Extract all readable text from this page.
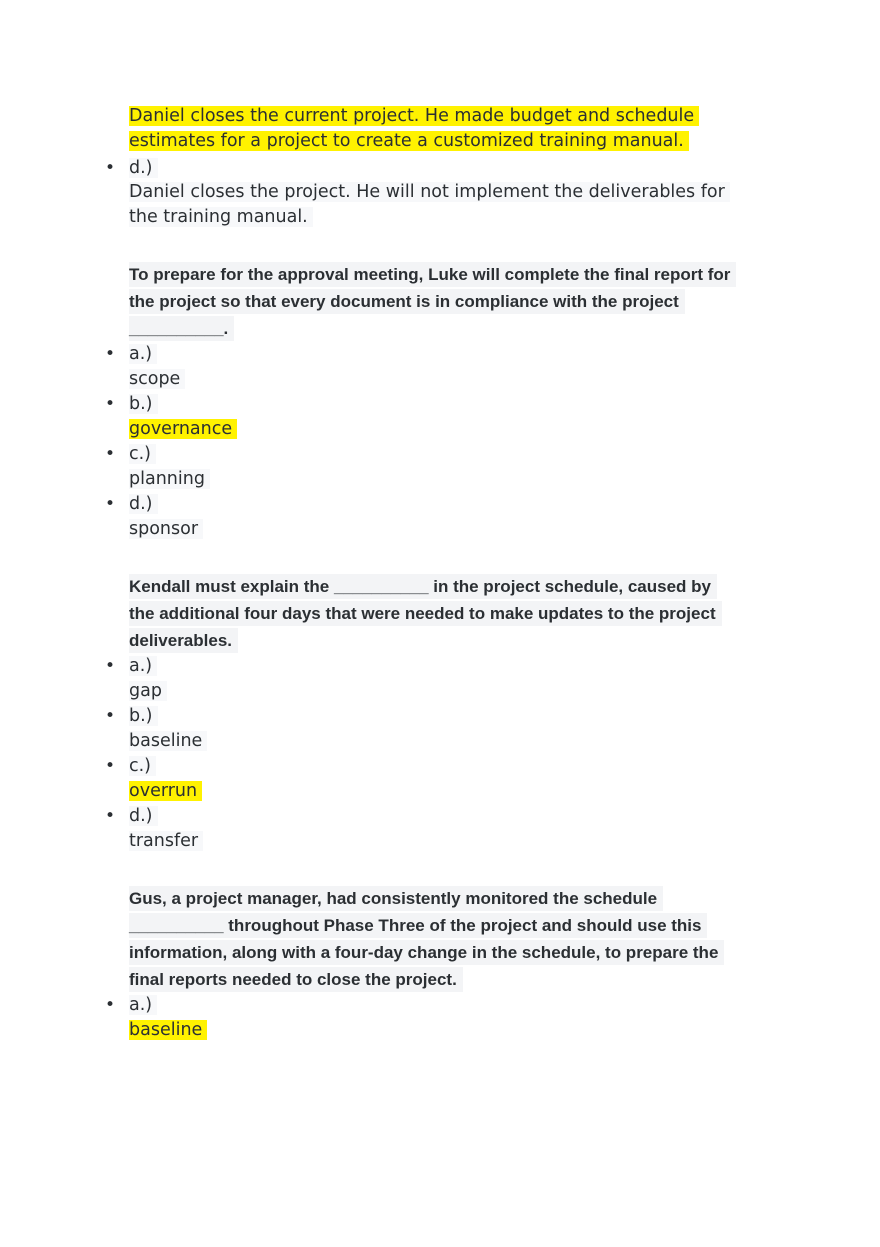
Daniel closes the current project. He made budget and schedule estimates for a project to create a customized training manual.
• d.)
Daniel closes the project. He will not implement the deliverables for the training manual.
To prepare for the approval meeting, Luke will complete the final report for the project so that every document is in compliance with the project __________.
• a.)
scope
• b.)
governance
• c.)
planning
• d.)
sponsor
Kendall must explain the __________ in the project schedule, caused by the additional four days that were needed to make updates to the project deliverables.
• a.)
gap
• b.)
baseline
• c.)
overrun
• d.)
transfer
Gus, a project manager, had consistently monitored the schedule __________ throughout Phase Three of the project and should use this information, along with a four-day change in the schedule, to prepare the final reports needed to close the project.
• a.)
baseline
